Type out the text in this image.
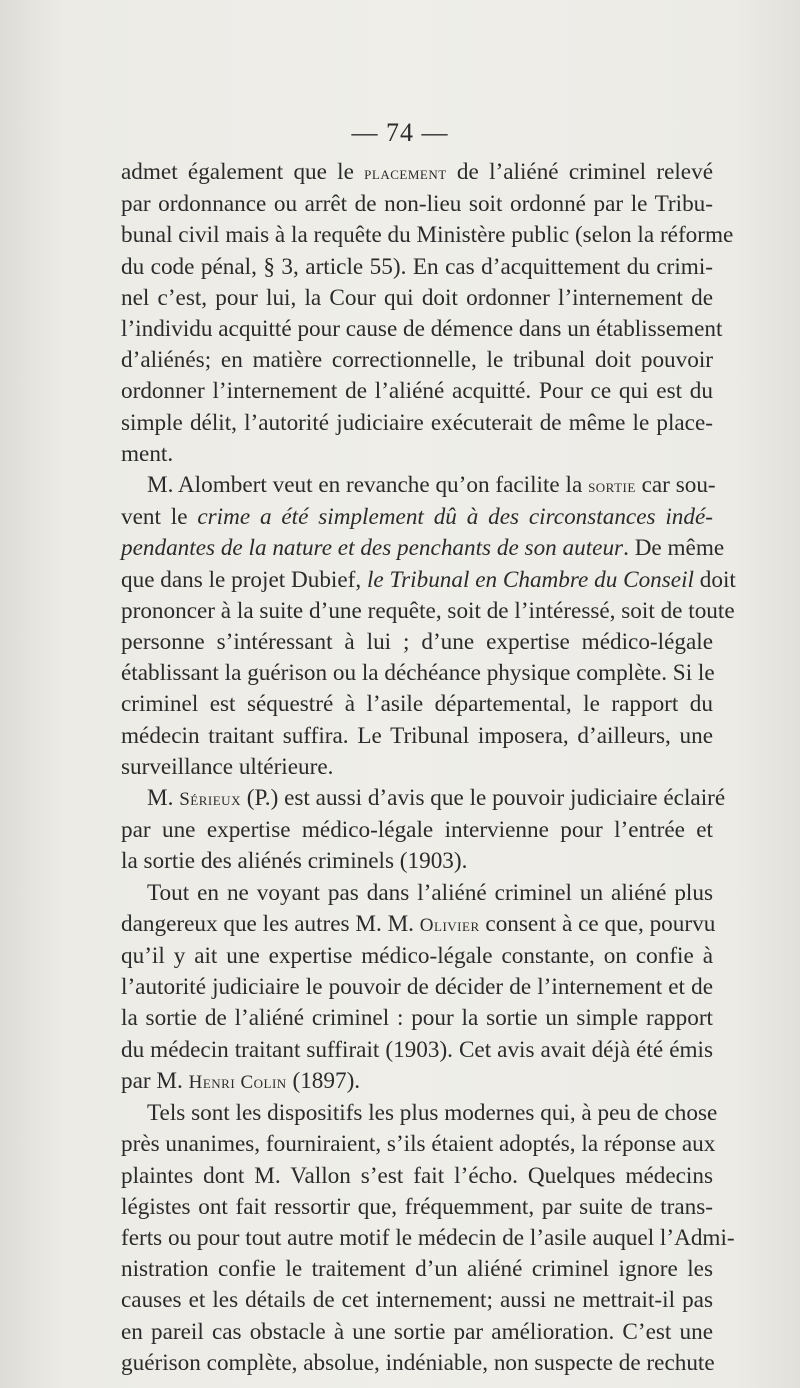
— 74 —

admet également que le placement de l’aliéné criminel relevé
par ordonnance ou arrêt de non-lieu soit ordonné par le Tribu-
bunal civil mais à la requête du Ministère public (selon la réforme
du code pénal, § 3, article 55). En cas d’acquittement du crimi-
nel c’est, pour lui, la Cour qui doit ordonner l’internement de
l’individu acquitté pour cause de démence dans un établissement
d’aliénés; en matière correctionnelle, le tribunal doit pouvoir
ordonner l’internement de l’aliéné acquitté. Pour ce qui est du
simple délit, l’autorité judiciaire exécuterait de même le place-
ment.

M. Alombert veut en revanche qu’on facilite la sortie car sou-
vent le crime a été simplement dû à des circonstances indé-
pendantes de la nature et des penchants de son auteur. De même
que dans le projet Dubief, le Tribunal en Chambre du Conseil doit
prononcer à la suite d’une requête, soit de l’intéressé, soit de toute
personne s’intéressant à lui ; d’une expertise médico-légale
établissant la guérison ou la déchéance physique complète. Si le
criminel est séquestré à l’asile départemental, le rapport du
médecin traitant suffira. Le Tribunal imposera, d’ailleurs, une
surveillance ultérieure.

M. Sérieux (P.) est aussi d’avis que le pouvoir judiciaire éclairé
par une expertise médico-légale intervienne pour l’entrée et
la sortie des aliénés criminels (1903).

Tout en ne voyant pas dans l’aliéné criminel un aliéné plus
dangereux que les autres M. M. Olivier consent à ce que, pourvu
qu’il y ait une expertise médico-légale constante, on confie à
l’autorité judiciaire le pouvoir de décider de l’internement et de
la sortie de l’aliéné criminel : pour la sortie un simple rapport
du médecin traitant suffirait (1903). Cet avis avait déjà été émis
par M. Henri Colin (1897).

Tels sont les dispositifs les plus modernes qui, à peu de chose
près unanimes, fourniraient, s’ils étaient adoptés, la réponse aux
plaintes dont M. Vallon s’est fait l’écho. Quelques médecins
légistes ont fait ressortir que, fréquemment, par suite de trans-
ferts ou pour tout autre motif le médecin de l’asile auquel l’Admi-
nistration confie le traitement d’un aliéné criminel ignore les
causes et les détails de cet internement; aussi ne mettrait-il pas
en pareil cas obstacle à une sortie par amélioration. C’est une
guérison complète, absolue, indéniable, non suspecte de rechute
